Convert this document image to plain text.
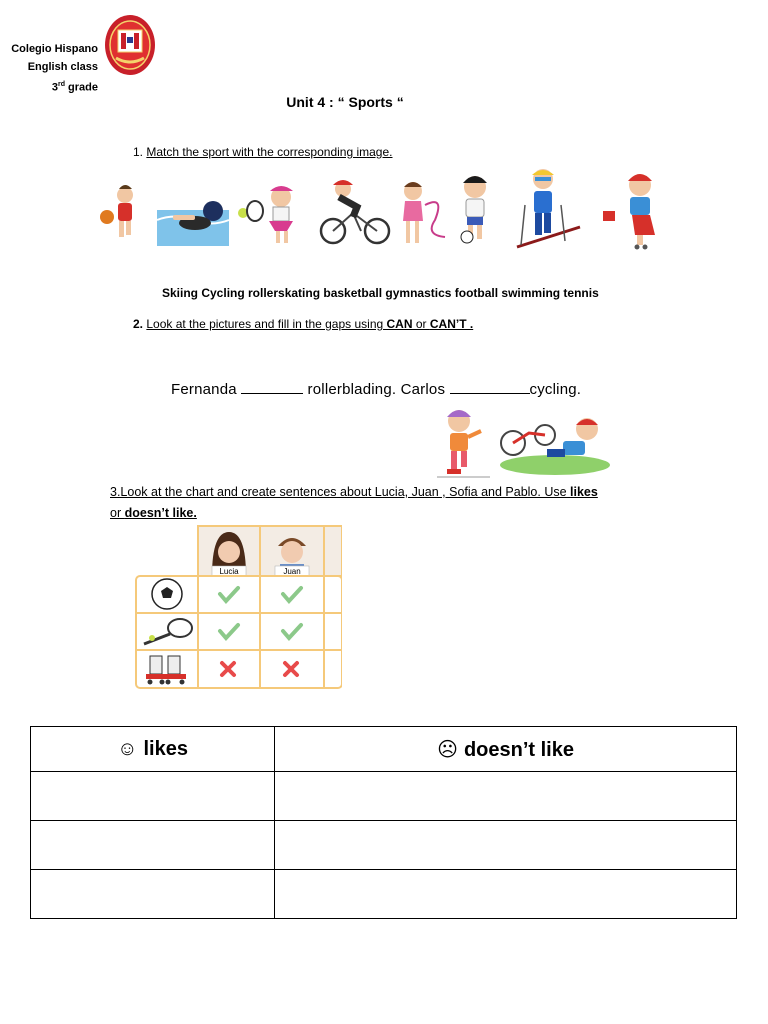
Colegio Hispano
English class
3rd grade
Unit 4 : “ Sports “
1. Match the sport with the corresponding image.
Skiing Cycling rollerskating basketball gymnastics football swimming tennis
2. Look at the pictures and fill in the gaps using CAN or CAN’T .
Fernanda	rollerblading. Carlos	cycling.
3.Look at the chart and create sentences about Lucia, Juan , Sofia and Pablo. Use likes
or doesn’t like.
Lucia	Juan
☺ likes	☹ doesn’t like
